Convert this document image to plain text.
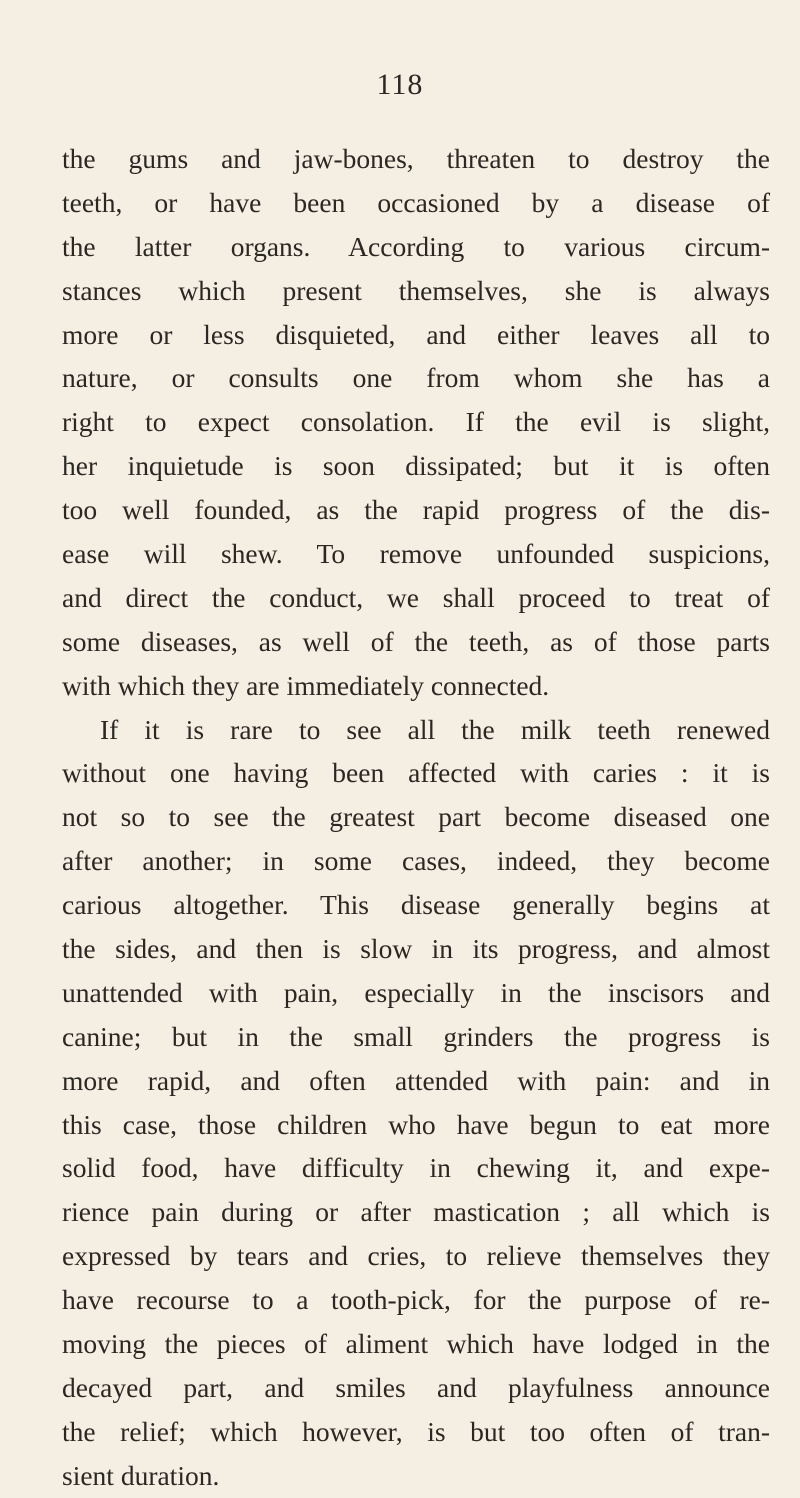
118
the gums and jaw-bones, threaten to destroy the
teeth, or have been occasioned by a disease of
the latter organs. According to various circum-
stances which present themselves, she is always
more or less disquieted, and either leaves all to
nature, or consults one from whom she has a
right to expect consolation. If the evil is slight,
her inquietude is soon dissipated; but it is often
too well founded, as the rapid progress of the dis-
ease will shew. To remove unfounded suspicions,
and direct the conduct, we shall proceed to treat of
some diseases, as well of the teeth, as of those parts
with which they are immediately connected.
If it is rare to see all the milk teeth renewed
without one having been affected with caries : it is
not so to see the greatest part become diseased one
after another; in some cases, indeed, they become
carious altogether. This disease generally begins at
the sides, and then is slow in its progress, and almost
unattended with pain, especially in the inscisors and
canine; but in the small grinders the progress is
more rapid, and often attended with pain: and in
this case, those children who have begun to eat more
solid food, have difficulty in chewing it, and expe-
rience pain during or after mastication ; all which is
expressed by tears and cries, to relieve themselves they
have recourse to a tooth-pick, for the purpose of re-
moving the pieces of aliment which have lodged in the
decayed part, and smiles and playfulness announce
the relief; which however, is but too often of tran-
sient duration.
